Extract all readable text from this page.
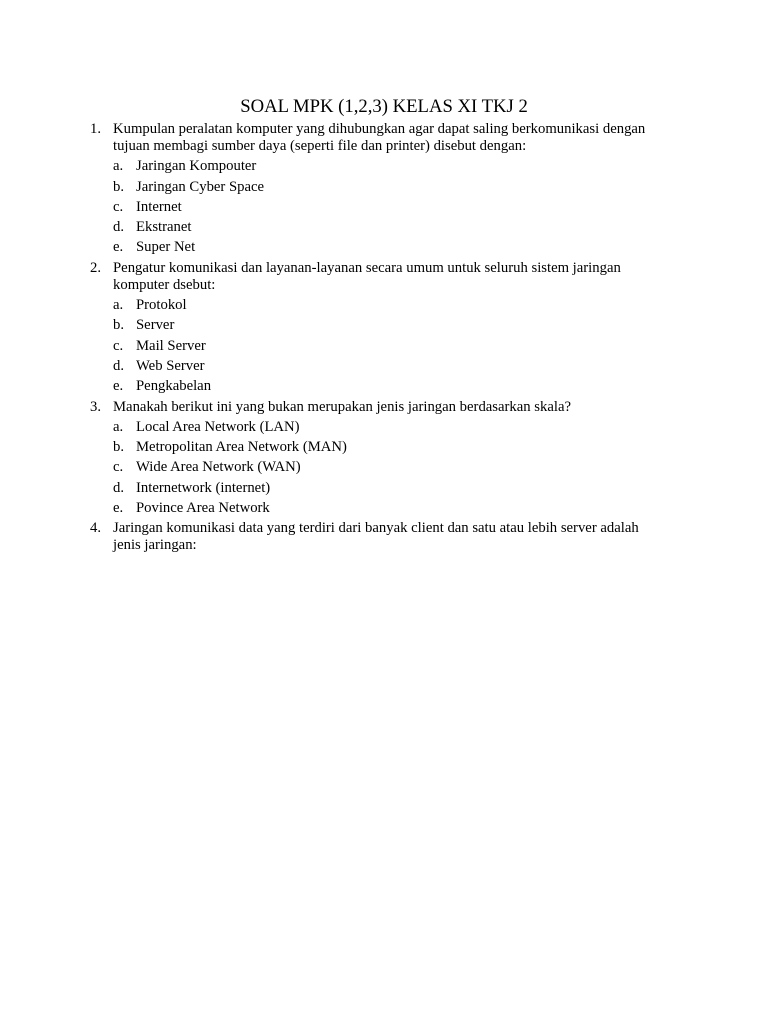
SOAL MPK (1,2,3) KELAS XI TKJ 2
1. Kumpulan peralatan komputer yang dihubungkan agar dapat saling berkomunikasi dengan
tujuan membagi sumber daya (seperti file dan printer) disebut dengan:
a. Jaringan Kompouter
b. Jaringan Cyber Space
c. Internet
d. Ekstranet
e. Super Net
2. Pengatur komunikasi dan layanan-layanan secara umum untuk seluruh sistem jaringan
komputer dsebut:
a. Protokol
b. Server
c. Mail Server
d. Web Server
e. Pengkabelan
3. Manakah berikut ini yang bukan merupakan jenis jaringan berdasarkan skala?
a. Local Area Network (LAN)
b. Metropolitan Area Network (MAN)
c. Wide Area Network (WAN)
d. Internetwork (internet)
e. Povince Area Network
4. Jaringan komunikasi data yang terdiri dari banyak client dan satu atau lebih server adalah
jenis jaringan:
